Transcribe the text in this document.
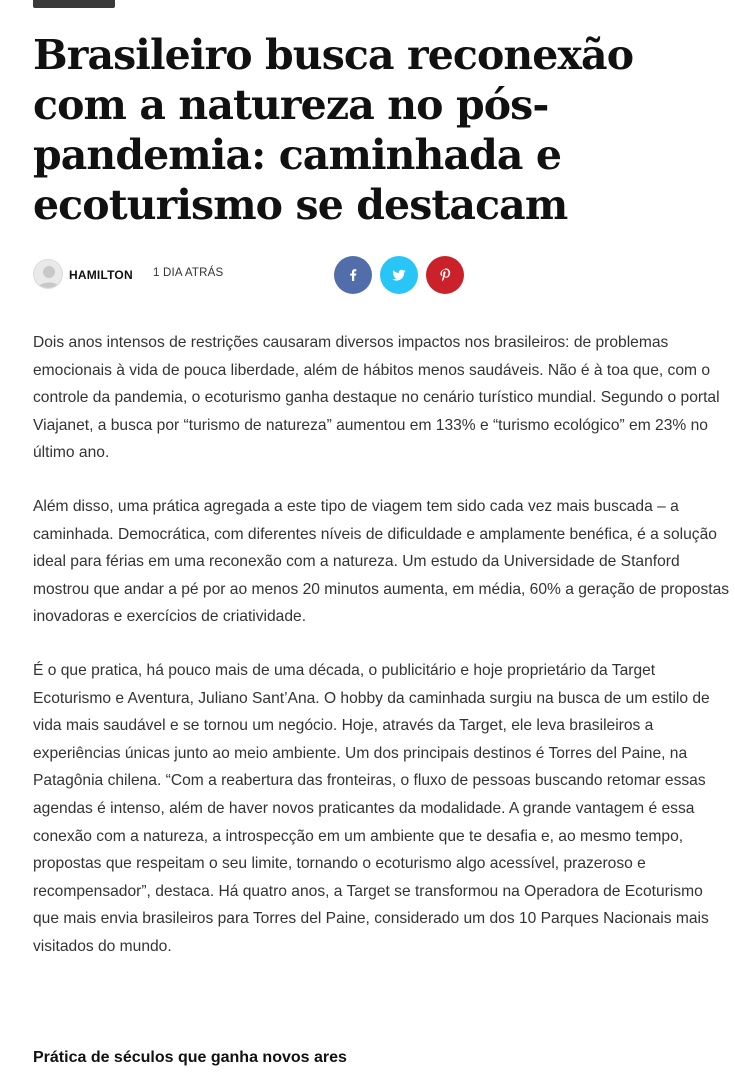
Brasileiro busca reconexão com a natureza no pós-pandemia: caminhada e ecoturismo se destacam
HAMILTON 1 DIA ATRÁS

Dois anos intensos de restrições causaram diversos impactos nos brasileiros: de problemas emocionais à vida de pouca liberdade, além de hábitos menos saudáveis. Não é à toa que, com o controle da pandemia, o ecoturismo ganha destaque no cenário turístico mundial. Segundo o portal Viajanet, a busca por “turismo de natureza” aumentou em 133% e “turismo ecológico” em 23% no último ano.

Além disso, uma prática agregada a este tipo de viagem tem sido cada vez mais buscada – a caminhada. Democrática, com diferentes níveis de dificuldade e amplamente benéfica, é a solução ideal para férias em uma reconexão com a natureza. Um estudo da Universidade de Stanford mostrou que andar a pé por ao menos 20 minutos aumenta, em média, 60% a geração de propostas inovadoras e exercícios de criatividade.

É o que pratica, há pouco mais de uma década, o publicitário e hoje proprietário da Target Ecoturismo e Aventura, Juliano Sant’Ana. O hobby da caminhada surgiu na busca de um estilo de vida mais saudável e se tornou um negócio. Hoje, através da Target, ele leva brasileiros a experiências únicas junto ao meio ambiente. Um dos principais destinos é Torres del Paine, na Patagônia chilena. “Com a reabertura das fronteiras, o fluxo de pessoas buscando retomar essas agendas é intenso, além de haver novos praticantes da modalidade. A grande vantagem é essa conexão com a natureza, a introspecção em um ambiente que te desafia e, ao mesmo tempo, propostas que respeitam o seu limite, tornando o ecoturismo algo acessível, prazeroso e recompensador”, destaca. Há quatro anos, a Target se transformou na Operadora de Ecoturismo que mais envia brasileiros para Torres del Paine, considerado um dos 10 Parques Nacionais mais visitados do mundo.

Prática de séculos que ganha novos ares
